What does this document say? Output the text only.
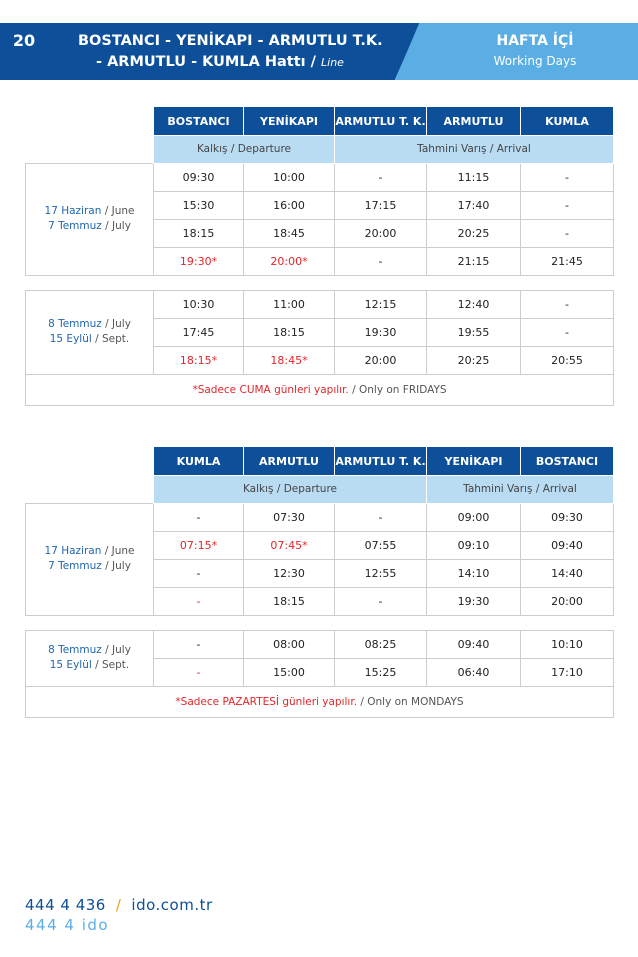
20	BOSTANCI - YENİKAPI - ARMUTLU T.K.
- ARMUTLU - KUMLA Hattı / Line
HAFTA İÇİ
Working Days
	BOSTANCI	YENİKAPI	ARMUTLU T. K.	ARMUTLU	KUMLA
	Kalkış / Departure		Tahmini Varış / Arrival		
17 Haziran / June
7 Temmuz / July	09:30	10:00	-	11:15	-
	15:30	16:00	17:15	17:40	-
	18:15	18:45	20:00	20:25	-
	19:30*	20:00*	-	21:15	21:45

8 Temmuz / July
15 Eylül / Sept.	10:30	11:00	12:15	12:40	-
	17:45	18:15	19:30	19:55	-
	18:15*	18:45*	20:00	20:25	20:55
*Sadece CUMA günleri yapılır. / Only on FRIDAYS					
	KUMLA	ARMUTLU	ARMUTLU T. K.	YENİKAPI	BOSTANCI
	Kalkış / Departure			Tahmini Varış / Arrival	
17 Haziran / June
7 Temmuz / July	-	07:30	-	09:00	09:30
	07:15*	07:45*	07:55	09:10	09:40
	-	12:30	12:55	14:10	14:40
	-	18:15	-	19:30	20:00

8 Temmuz / July
15 Eylül / Sept.	-	08:00	08:25	09:40	10:10
	-	15:00	15:25	06:40	17:10
*Sadece PAZARTESİ günleri yapılır. / Only on MONDAYS					
444 4 436 / ido.com.tr
444 4 ido
